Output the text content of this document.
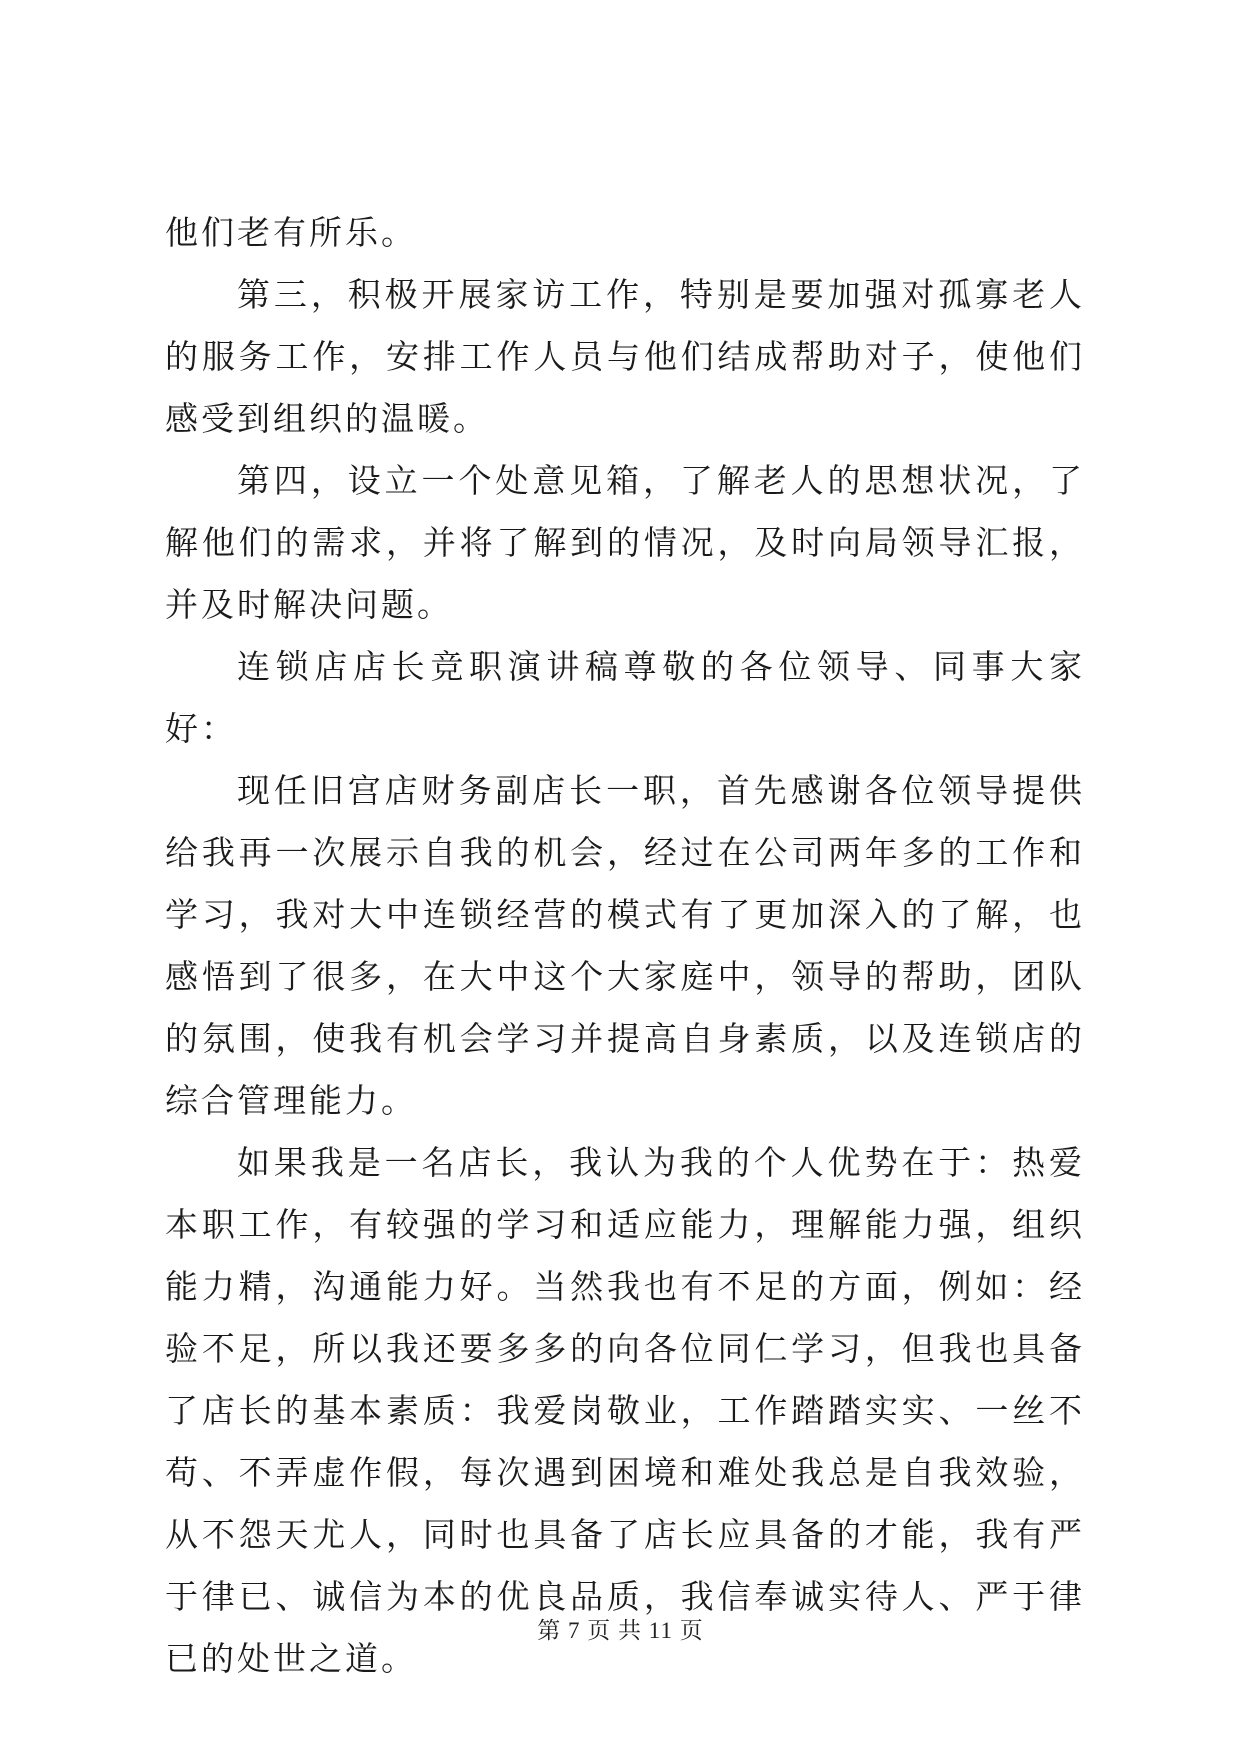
他们老有所乐。

第三，积极开展家访工作，特别是要加强对孤寡老人的服务工作，安排工作人员与他们结成帮助对子，使他们感受到组织的温暖。

第四，设立一个处意见箱，了解老人的思想状况，了解他们的需求，并将了解到的情况，及时向局领导汇报，并及时解决问题。

连锁店店长竞职演讲稿尊敬的各位领导、同事大家好：

现任旧宫店财务副店长一职，首先感谢各位领导提供给我再一次展示自我的机会，经过在公司两年多的工作和学习，我对大中连锁经营的模式有了更加深入的了解，也感悟到了很多，在大中这个大家庭中，领导的帮助，团队的氛围，使我有机会学习并提高自身素质，以及连锁店的综合管理能力。

如果我是一名店长，我认为我的个人优势在于：热爱本职工作，有较强的学习和适应能力，理解能力强，组织能力精，沟通能力好。当然我也有不足的方面，例如：经验不足，所以我还要多多的向各位同仁学习，但我也具备了店长的基本素质：我爱岗敬业，工作踏踏实实、一丝不苟、不弄虚作假，每次遇到困境和难处我总是自我效验，从不怨天尤人，同时也具备了店长应具备的才能，我有严于律已、诚信为本的优良品质，我信奉诚实待人、严于律已的处世之道。

第 7 页 共 11 页
